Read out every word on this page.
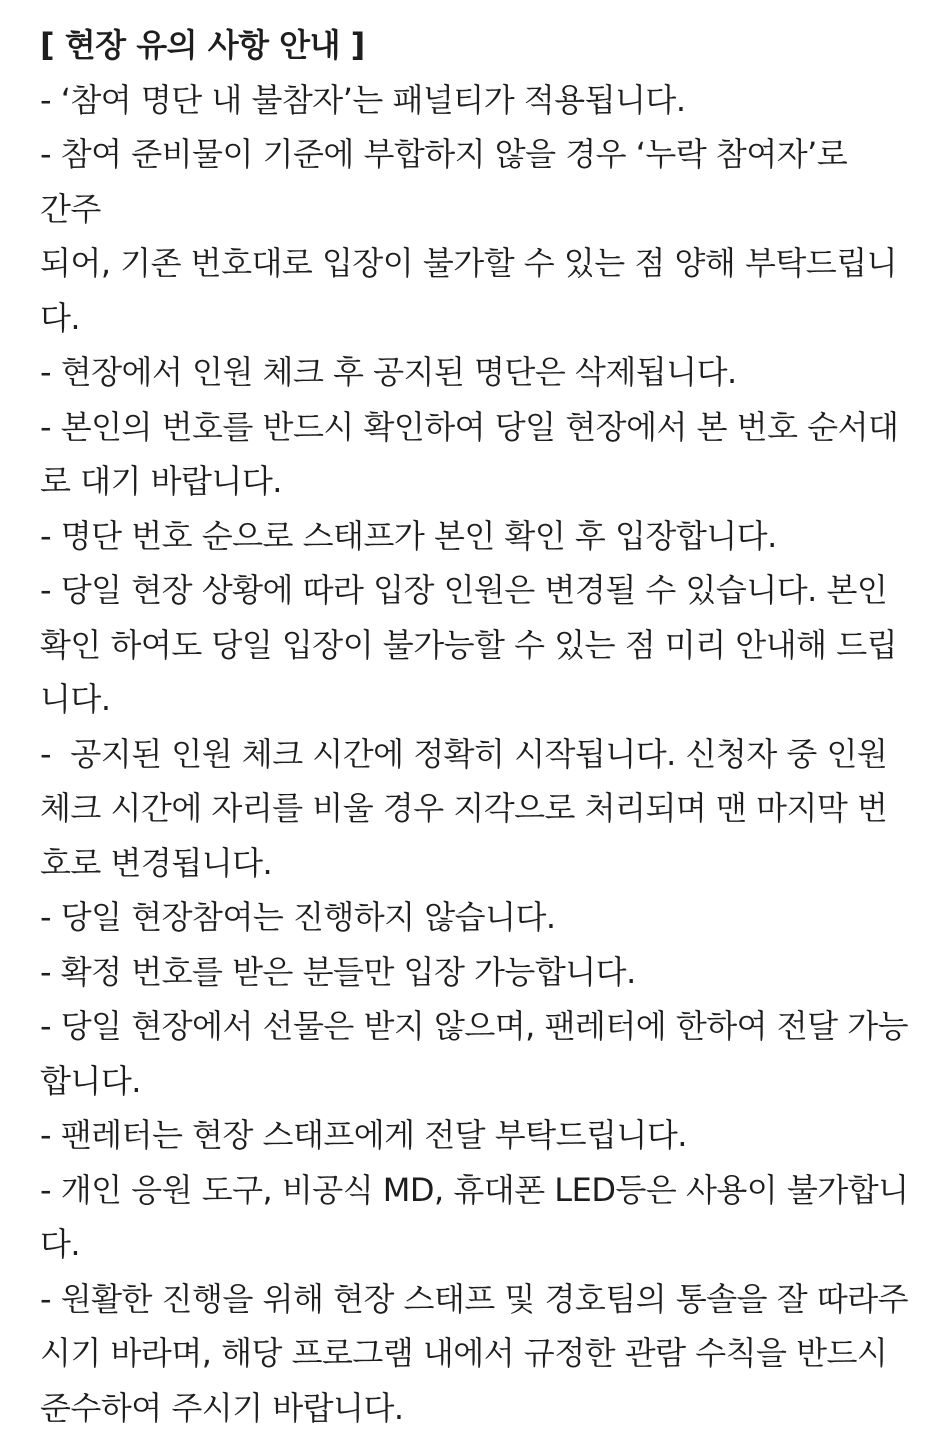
[ 현장 유의 사항 안내 ]
- ‘참여 명단 내 불참자’는 패널티가 적용됩니다.
- 참여 준비물이 기준에 부합하지 않을 경우 ‘누락 참여자’로 간주
되어, 기존 번호대로 입장이 불가할 수 있는 점 양해 부탁드립니
다.
- 현장에서 인원 체크 후 공지된 명단은 삭제됩니다.
- 본인의 번호를 반드시 확인하여 당일 현장에서 본 번호 순서대
로 대기 바랍니다.
- 명단 번호 순으로 스태프가 본인 확인 후 입장합니다.
- 당일 현장 상황에 따라 입장 인원은 변경될 수 있습니다. 본인
확인 하여도 당일 입장이 불가능할 수 있는 점 미리 안내해 드립
니다.
-  공지된 인원 체크 시간에 정확히 시작됩니다. 신청자 중 인원
체크 시간에 자리를 비울 경우 지각으로 처리되며 맨 마지막 번
호로 변경됩니다.
- 당일 현장참여는 진행하지 않습니다.
- 확정 번호를 받은 분들만 입장 가능합니다.
- 당일 현장에서 선물은 받지 않으며, 팬레터에 한하여 전달 가능
합니다.
- 팬레터는 현장 스태프에게 전달 부탁드립니다.
- 개인 응원 도구, 비공식 MD, 휴대폰 LED등은 사용이 불가합니
다.
- 원활한 진행을 위해 현장 스태프 및 경호팀의 통솔을 잘 따라주
시기 바라며, 해당 프로그램 내에서 규정한 관람 수칙을 반드시
준수하여 주시기 바랍니다.
